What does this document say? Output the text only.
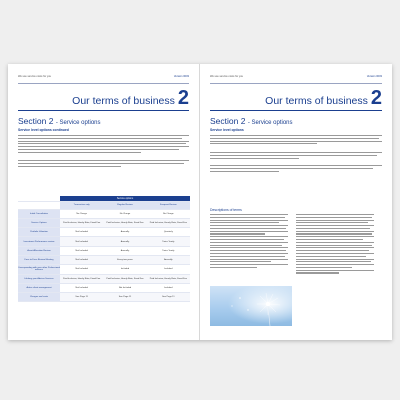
We use service costs for you	Version 0003
Our terms of business 2
Section 2 - Service options
Service level options continued
	Service options		
	Transaction only	Regular Review	Frequent Review
Initial Consultation	No Charge	No Charge	No Charge
Service Options	Paid Inclusive, Hourly Rate, Fixed Fee	Paid Inclusive, Hourly Rate, Fixed Fee	Paid Inclusive, Hourly Rate, Fixed Fee
Portfolio Valuation	Not Included	Annually	Quarterly
Investment Performance review	Not Included	Annually	Twice Yearly
Asset Allocation Review	Not Included	Annually	Twice Yearly
Face to Face Review Meeting	Not Included	Every two years	Annually
Corresponding with your other Professional advisers	Not Included	Included	Included
Lifelong your Adviser Services	Paid Inclusive, Hourly Rate, Fixed Fee	Paid Inclusive, Hourly Rate, Fixed Fee	Paid Inclusive, Hourly Rate, Fixed Fee
Active client management	Not Included	Not Included	Included
Charges and costs	See Page 11	See Page 11	See Page 11
We use service costs for you	Version 0003
Our terms of business 2
Section 2 - Service options
Service level options
Descriptions of terms
